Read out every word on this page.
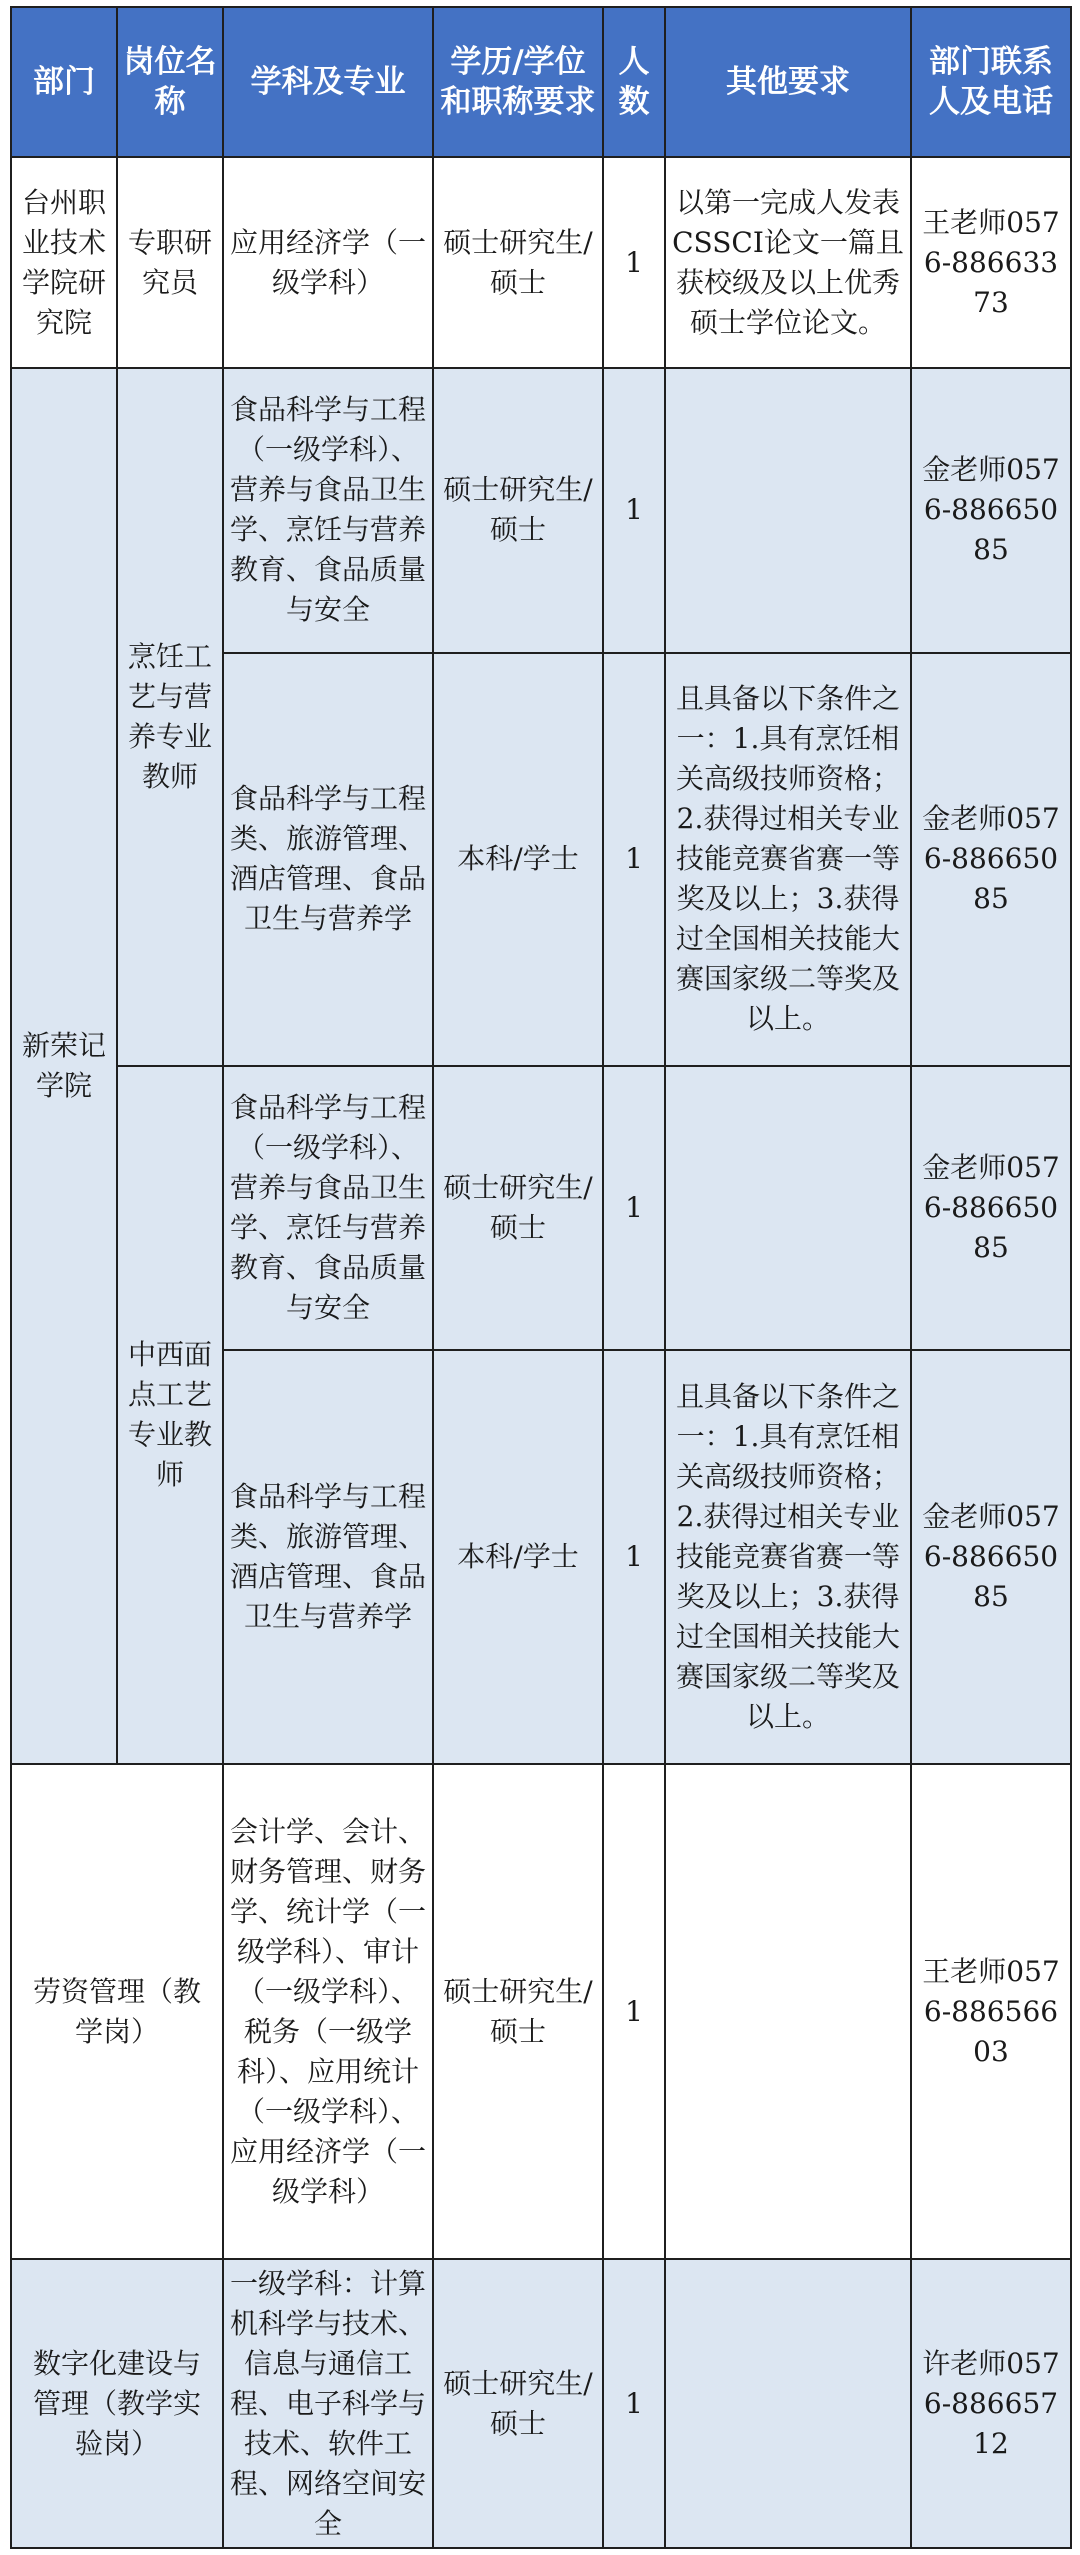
部门	岗位名称	学科及专业	学历/学位和职称要求	人数	其他要求	部门联系人及电话
台州职业技术学院研究院	专职研究员	应用经济学（一级学科）	硕士研究生/硕士	1	以第一完成人发表CSSCI论文一篇且获校级及以上优秀硕士学位论文。	王老师0576-88663373
新荣记学院	烹饪工艺与营养专业教师	食品科学与工程（一级学科）、营养与食品卫生学、烹饪与营养教育、食品质量与安全	硕士研究生/硕士	1		金老师0576-88665085
		食品科学与工程类、旅游管理、酒店管理、食品卫生与营养学	本科/学士	1	且具备以下条件之一：1.具有烹饪相关高级技师资格；2.获得过相关专业技能竞赛省赛一等奖及以上；3.获得过全国相关技能大赛国家级二等奖及以上。	金老师0576-88665085
	中西面点工艺专业教师	食品科学与工程（一级学科）、营养与食品卫生学、烹饪与营养教育、食品质量与安全	硕士研究生/硕士	1		金老师0576-88665085
		食品科学与工程类、旅游管理、酒店管理、食品卫生与营养学	本科/学士	1	且具备以下条件之一：1.具有烹饪相关高级技师资格；2.获得过相关专业技能竞赛省赛一等奖及以上；3.获得过全国相关技能大赛国家级二等奖及以上。	金老师0576-88665085
劳资管理（教学岗）		会计学、会计、财务管理、财务学、统计学（一级学科）、审计（一级学科）、税务（一级学科）、应用统计（一级学科）、应用经济学（一级学科）	硕士研究生/硕士	1		王老师0576-88656603
数字化建设与管理（教学实验岗）		一级学科：计算机科学与技术、信息与通信工程、电子科学与技术、软件工程、网络空间安全	硕士研究生/硕士	1		许老师0576-88665712
